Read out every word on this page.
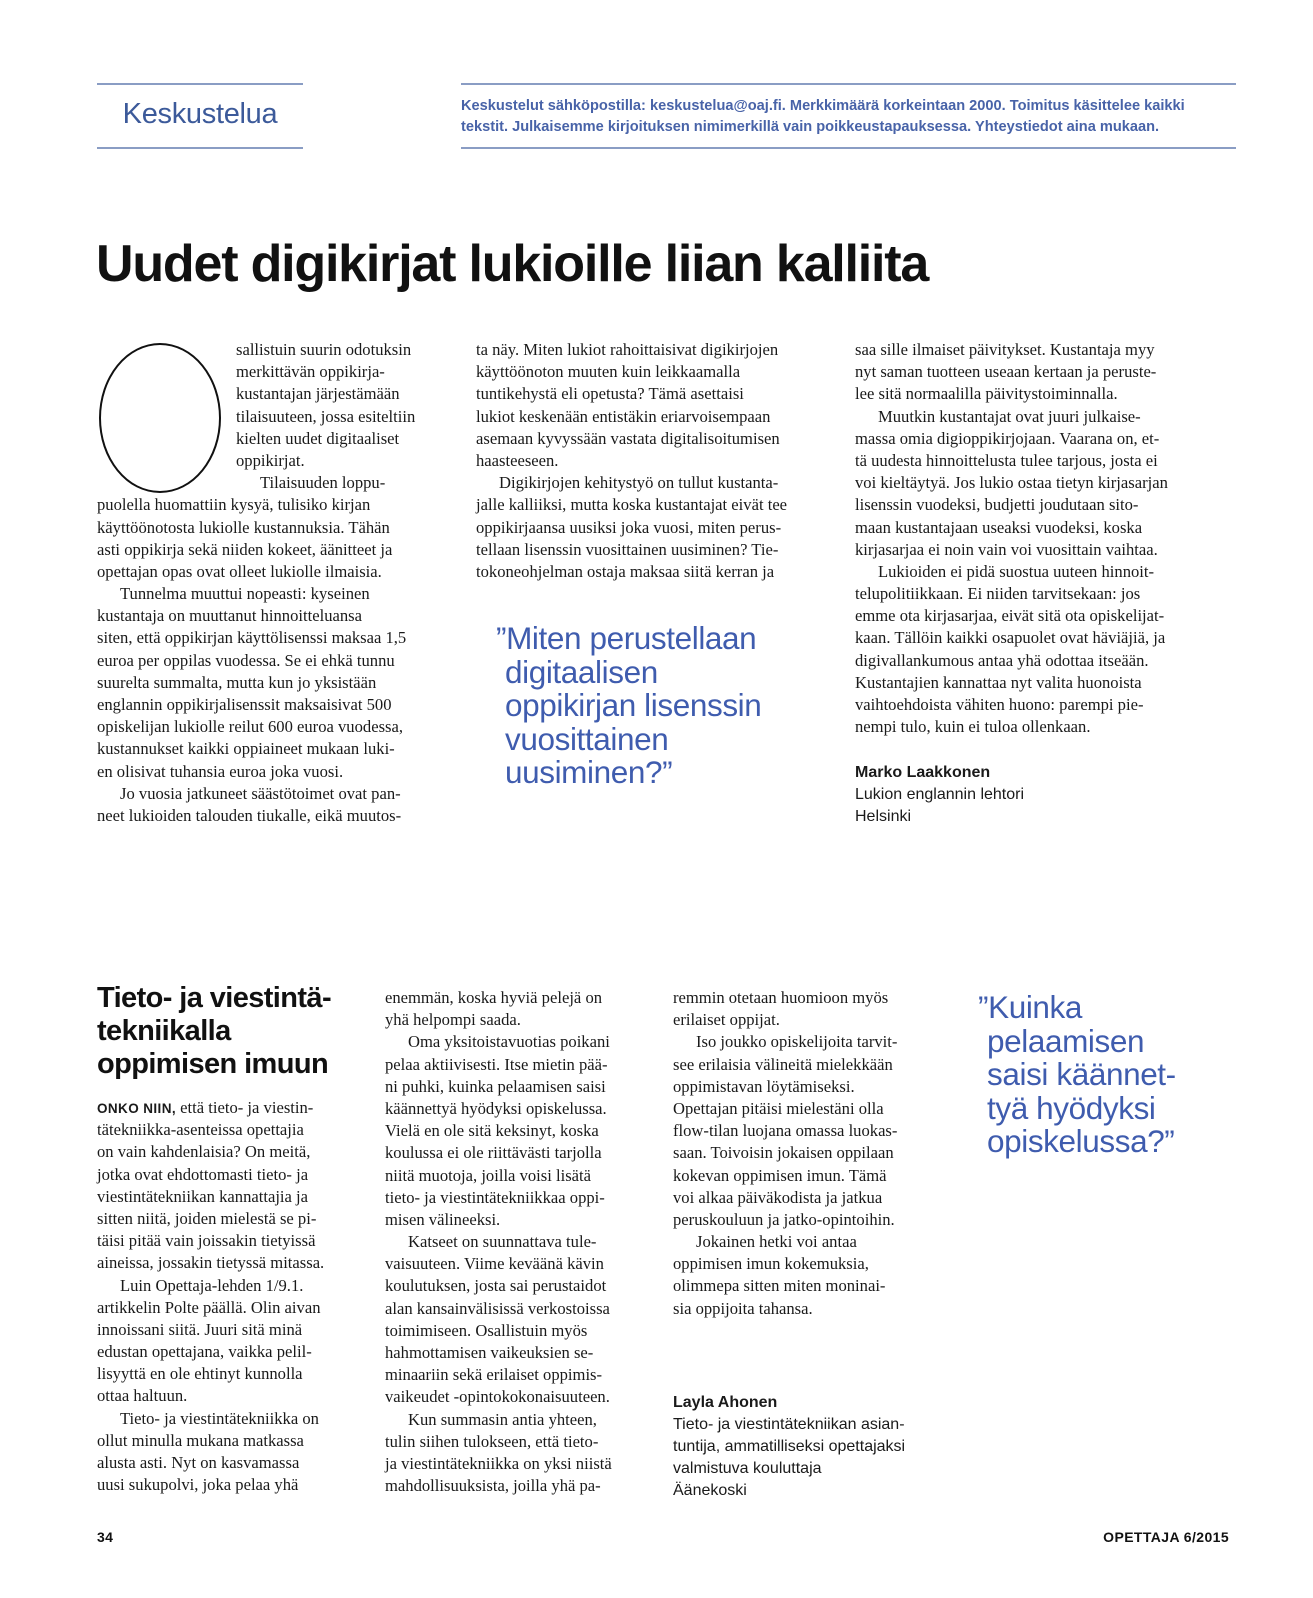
Keskustelua	Keskustelut sähköpostilla: keskustelua@oaj.fi. Merkkimäärä korkeintaan 2000. Toimitus käsittelee kaikki
tekstit. Julkaisemme kirjoituksen nimimerkillä vain poikkeustapauksessa. Yhteystiedot aina mukaan.
Uudet digikirjat lukioille liian kalliita
sallistuin suurin odotuksin
merkittävän oppikirja-
kustantajan järjestämään
tilaisuuteen, jossa esiteltiin
kielten uudet digitaaliset
oppikirjat.
Tilaisuuden loppu-
puolella huomattiin kysyä, tulisiko kirjan
käyttöönotosta lukiolle kustannuksia. Tähän
asti oppikirja sekä niiden kokeet, äänitteet ja
opettajan opas ovat olleet lukiolle ilmaisia.
Tunnelma muuttui nopeasti: kyseinen
kustantaja on muuttanut hinnoitteluansa
siten, että oppikirjan käyttölisenssi maksaa 1,5
euroa per oppilas vuodessa. Se ei ehkä tunnu
suurelta summalta, mutta kun jo yksistään
englannin oppikirjalisenssit maksaisivat 500
opiskelijan lukiolle reilut 600 euroa vuodessa,
kustannukset kaikki oppiaineet mukaan luki-
en olisivat tuhansia euroa joka vuosi.
Jo vuosia jatkuneet säästötoimet ovat pan-
neet lukioiden talouden tiukalle, eikä muutos-
ta näy. Miten lukiot rahoittaisivat digikirjojen
käyttöönoton muuten kuin leikkaamalla
tuntikehystä eli opetusta? Tämä asettaisi
lukiot keskenään entistäkin eriarvoisempaan
asemaan kyvyssään vastata digitalisoitumisen
haasteeseen.
Digikirjojen kehitystyö on tullut kustanta-
jalle kalliiksi, mutta koska kustantajat eivät tee
oppikirjaansa uusiksi joka vuosi, miten perus-
tellaan lisenssin vuosittainen uusiminen? Tie-
tokoneohjelman ostaja maksaa siitä kerran ja
”Miten perustellaan
digitaalisen
oppikirjan lisenssin
vuosittainen
uusiminen?”
saa sille ilmaiset päivitykset. Kustantaja myy
nyt saman tuotteen useaan kertaan ja peruste-
lee sitä normaalilla päivitystoiminnalla.
Muutkin kustantajat ovat juuri julkaise-
massa omia digioppikirjojaan. Vaarana on, et-
tä uudesta hinnoittelusta tulee tarjous, josta ei
voi kieltäytyä. Jos lukio ostaa tietyn kirjasarjan
lisenssin vuodeksi, budjetti joudutaan sito-
maan kustantajaan useaksi vuodeksi, koska
kirjasarjaa ei noin vain voi vuosittain vaihtaa.
Lukioiden ei pidä suostua uuteen hinnoit-
telupolitiikkaan. Ei niiden tarvitsekaan: jos
emme ota kirjasarjaa, eivät sitä ota opiskelijat-
kaan. Tällöin kaikki osapuolet ovat häviäjiä, ja
digivallankumous antaa yhä odottaa itseään.
Kustantajien kannattaa nyt valita huonoista
vaihtoehdoista vähiten huono: parempi pie-
nempi tulo, kuin ei tuloa ollenkaan.
Marko Laakkonen
Lukion englannin lehtori
Helsinki
Tieto- ja viestintä-
tekniikalla
oppimisen imuun
ONKO NIIN, että tieto- ja viestin-
tätekniikka-asenteissa opettajia
on vain kahdenlaisia? On meitä,
jotka ovat ehdottomasti tieto- ja
viestintätekniikan kannattajia ja
sitten niitä, joiden mielestä se pi-
täisi pitää vain joissakin tietyissä
aineissa, jossakin tietyssä mitassa.
Luin Opettaja-lehden 1/9.1.
artikkelin Polte päällä. Olin aivan
innoissani siitä. Juuri sitä minä
edustan opettajana, vaikka pelil-
lisyyttä en ole ehtinyt kunnolla
ottaa haltuun.
Tieto- ja viestintätekniikka on
ollut minulla mukana matkassa
alusta asti. Nyt on kasvamassa
uusi sukupolvi, joka pelaa yhä
enemmän, koska hyviä pelejä on
yhä helpompi saada.
Oma yksitoistavuotias poikani
pelaa aktiivisesti. Itse mietin pää-
ni puhki, kuinka pelaamisen saisi
käännettyä hyödyksi opiskelussa.
Vielä en ole sitä keksinyt, koska
koulussa ei ole riittävästi tarjolla
niitä muotoja, joilla voisi lisätä
tieto- ja viestintätekniikkaa oppi-
misen välineeksi.
Katseet on suunnattava tule-
vaisuuteen. Viime keväänä kävin
koulutuksen, josta sai perustaidot
alan kansainvälisissä verkostoissa
toimimiseen. Osallistuin myös
hahmottamisen vaikeuksien se-
minaariin sekä erilaiset oppimis-
vaikeudet -opintokokonaisuuteen.
Kun summasin antia yhteen,
tulin siihen tulokseen, että tieto-
ja viestintätekniikka on yksi niistä
mahdollisuuksista, joilla yhä pa-
remmin otetaan huomioon myös
erilaiset oppijat.
Iso joukko opiskelijoita tarvit-
see erilaisia välineitä mielekkään
oppimistavan löytämiseksi.
Opettajan pitäisi mielestäni olla
flow-tilan luojana omassa luokas-
saan. Toivoisin jokaisen oppilaan
kokevan oppimisen imun. Tämä
voi alkaa päiväkodista ja jatkua
peruskouluun ja jatko-opintoihin.
Jokainen hetki voi antaa
oppimisen imun kokemuksia,
olimmepa sitten miten moninai-
sia oppijoita tahansa.
Layla Ahonen
Tieto- ja viestintätekniikan asian-
tuntija, ammatilliseksi opettajaksi
valmistuva kouluttaja
Äänekoski
”Kuinka
pelaamisen
saisi käännet-
tyä hyödyksi
opiskelussa?”
34	OPETTAJA 6/2015
